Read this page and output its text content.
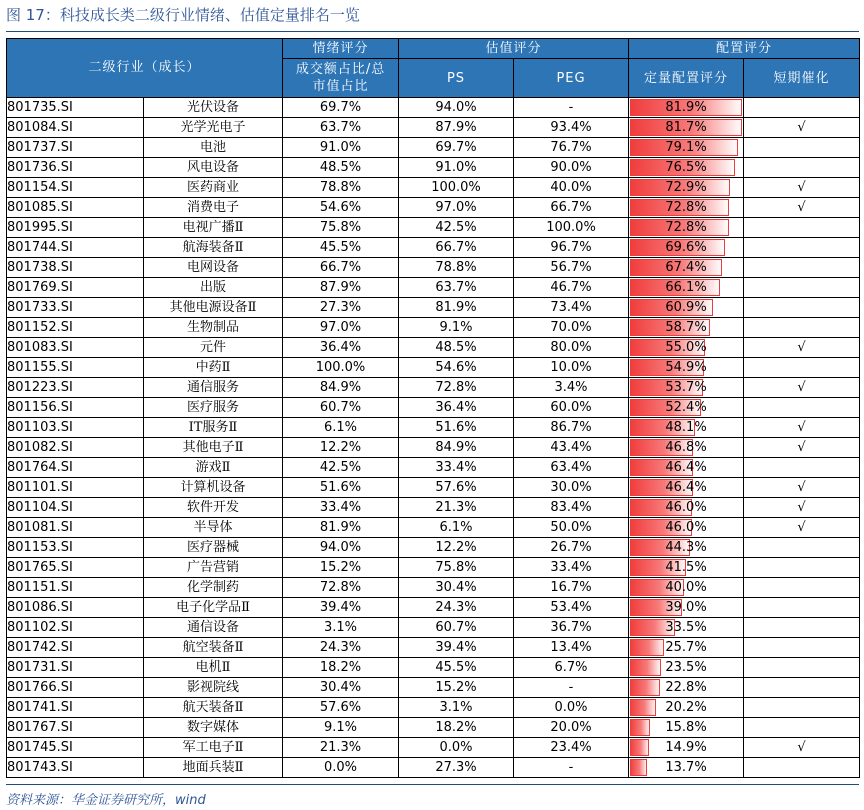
图 17：科技成长类二级行业情绪、估值定量排名一览
二级行业（成长）		情绪评分	估值评分		配置评分	
		成交额占比/总市值占比	PS	PEG	定量配置评分	短期催化
801735.SI	光伏设备	69.7%	94.0%	-	81.9%	
801084.SI	光学光电子	63.7%	87.9%	93.4%	81.7%	√
801737.SI	电池	91.0%	69.7%	76.7%	79.1%	
801736.SI	风电设备	48.5%	91.0%	90.0%	76.5%	
801154.SI	医药商业	78.8%	100.0%	40.0%	72.9%	√
801085.SI	消费电子	54.6%	97.0%	66.7%	72.8%	√
801995.SI	电视广播Ⅱ	75.8%	42.5%	100.0%	72.8%	
801744.SI	航海装备Ⅱ	45.5%	66.7%	96.7%	69.6%	
801738.SI	电网设备	66.7%	78.8%	56.7%	67.4%	
801769.SI	出版	87.9%	63.7%	46.7%	66.1%	
801733.SI	其他电源设备Ⅱ	27.3%	81.9%	73.4%	60.9%	
801152.SI	生物制品	97.0%	9.1%	70.0%	58.7%	
801083.SI	元件	36.4%	48.5%	80.0%	55.0%	√
801155.SI	中药Ⅱ	100.0%	54.6%	10.0%	54.9%	
801223.SI	通信服务	84.9%	72.8%	3.4%	53.7%	√
801156.SI	医疗服务	60.7%	36.4%	60.0%	52.4%	
801103.SI	IT服务Ⅱ	6.1%	51.6%	86.7%	48.1%	√
801082.SI	其他电子Ⅱ	12.2%	84.9%	43.4%	46.8%	√
801764.SI	游戏Ⅱ	42.5%	33.4%	63.4%	46.4%	
801101.SI	计算机设备	51.6%	57.6%	30.0%	46.4%	√
801104.SI	软件开发	33.4%	21.3%	83.4%	46.0%	√
801081.SI	半导体	81.9%	6.1%	50.0%	46.0%	√
801153.SI	医疗器械	94.0%	12.2%	26.7%	44.3%	
801765.SI	广告营销	15.2%	75.8%	33.4%	41.5%	
801151.SI	化学制药	72.8%	30.4%	16.7%	40.0%	
801086.SI	电子化学品Ⅱ	39.4%	24.3%	53.4%	39.0%	
801102.SI	通信设备	3.1%	60.7%	36.7%	33.5%	
801742.SI	航空装备Ⅱ	24.3%	39.4%	13.4%	25.7%	
801731.SI	电机Ⅱ	18.2%	45.5%	6.7%	23.5%	
801766.SI	影视院线	30.4%	15.2%	-	22.8%	
801741.SI	航天装备Ⅱ	57.6%	3.1%	0.0%	20.2%	
801767.SI	数字媒体	9.1%	18.2%	20.0%	15.8%	
801745.SI	军工电子Ⅱ	21.3%	0.0%	23.4%	14.9%	√
801743.SI	地面兵装Ⅱ	0.0%	27.3%	-	13.7%	
资料来源：华金证券研究所，wind
